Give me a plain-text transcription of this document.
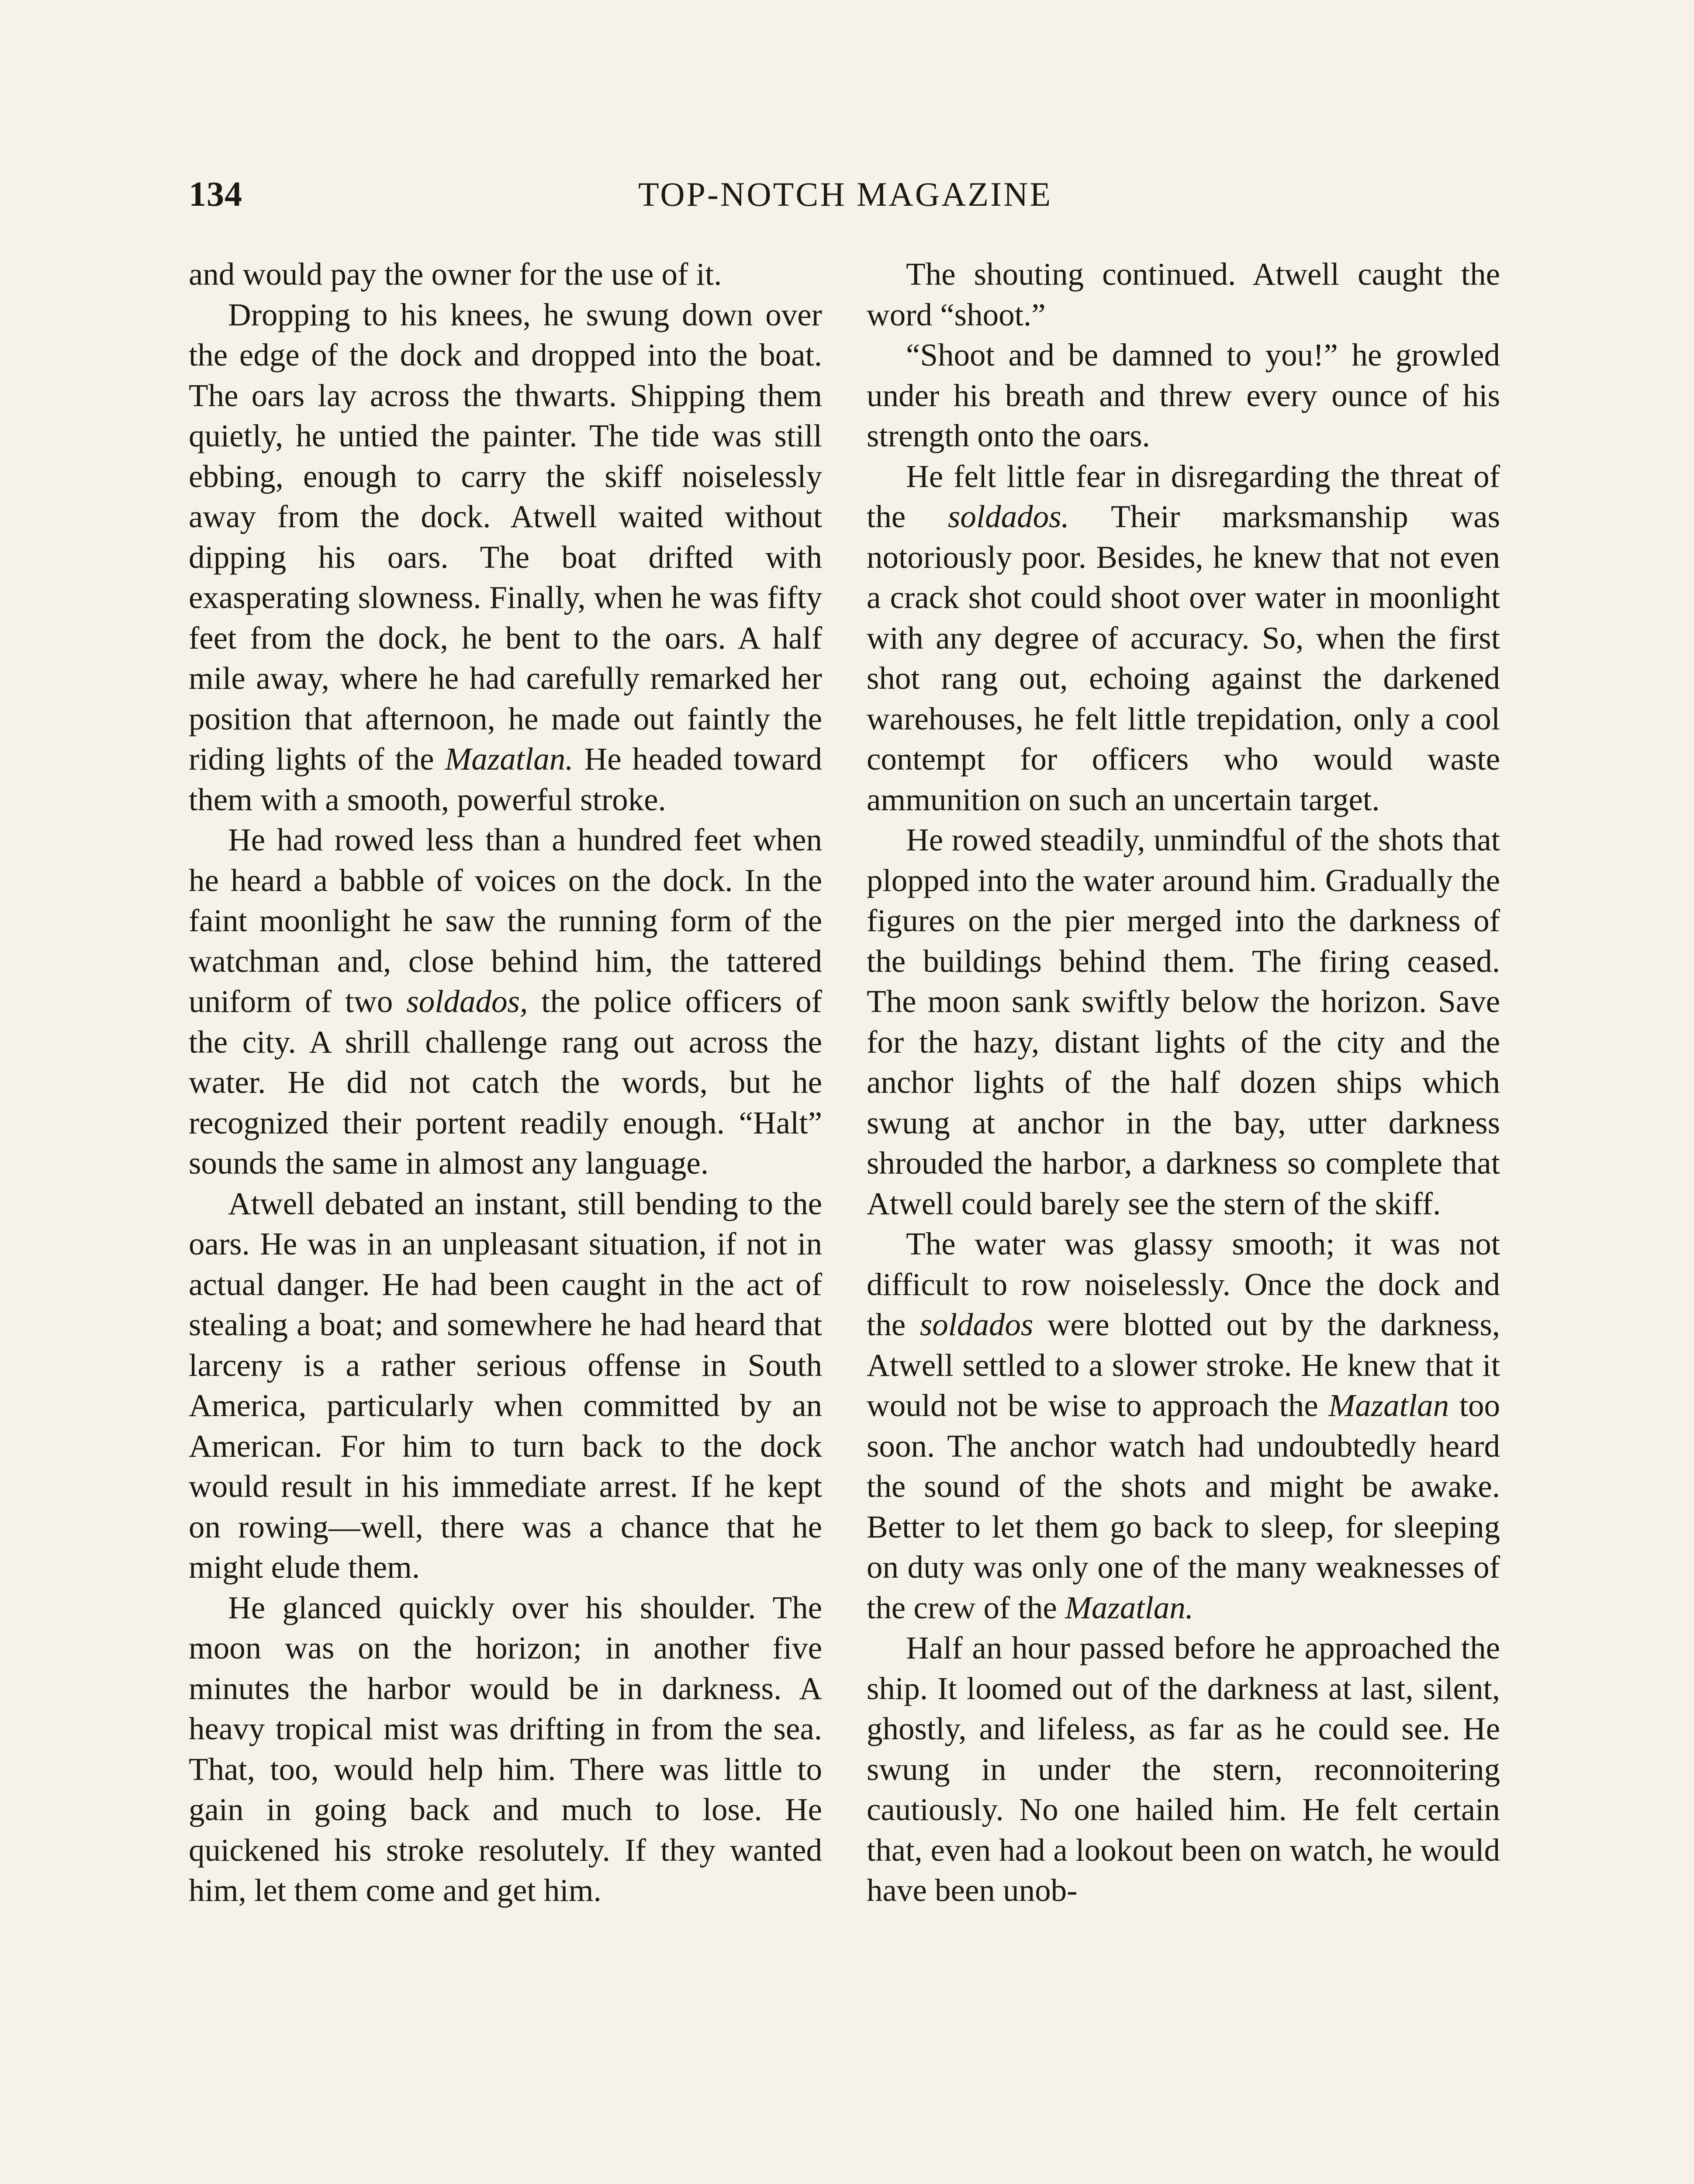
134	TOP-NOTCH MAGAZINE

and would pay the owner for the use of it.

Dropping to his knees, he swung down over the edge of the dock and dropped into the boat. The oars lay across the thwarts. Shipping them quietly, he untied the painter. The tide was still ebbing, enough to carry the skiff noiselessly away from the dock. Atwell waited without dipping his oars. The boat drifted with exasperating slowness. Finally, when he was fifty feet from the dock, he bent to the oars. A half mile away, where he had carefully remarked her position that afternoon, he made out faintly the riding lights of the Mazatlan. He headed toward them with a smooth, powerful stroke.

He had rowed less than a hundred feet when he heard a babble of voices on the dock. In the faint moonlight he saw the running form of the watchman and, close behind him, the tattered uniform of two soldados, the police officers of the city. A shrill challenge rang out across the water. He did not catch the words, but he recognized their portent readily enough. “Halt” sounds the same in almost any language.

Atwell debated an instant, still bending to the oars. He was in an unpleasant situation, if not in actual danger. He had been caught in the act of stealing a boat; and somewhere he had heard that larceny is a rather serious offense in South America, particularly when committed by an American. For him to turn back to the dock would result in his immediate arrest. If he kept on rowing—well, there was a chance that he might elude them.

He glanced quickly over his shoulder. The moon was on the horizon; in another five minutes the harbor would be in darkness. A heavy tropical mist was drifting in from the sea. That, too, would help him. There was little to gain in going back and much to lose. He quickened his stroke resolutely. If they wanted him, let them come and get him.

The shouting continued. Atwell caught the word “shoot.”

“Shoot and be damned to you!” he growled under his breath and threw every ounce of his strength onto the oars.

He felt little fear in disregarding the threat of the soldados. Their marksmanship was notoriously poor. Besides, he knew that not even a crack shot could shoot over water in moonlight with any degree of accuracy. So, when the first shot rang out, echoing against the darkened warehouses, he felt little trepidation, only a cool contempt for officers who would waste ammunition on such an uncertain target.

He rowed steadily, unmindful of the shots that plopped into the water around him. Gradually the figures on the pier merged into the darkness of the buildings behind them. The firing ceased. The moon sank swiftly below the horizon. Save for the hazy, distant lights of the city and the anchor lights of the half dozen ships which swung at anchor in the bay, utter darkness shrouded the harbor, a darkness so complete that Atwell could barely see the stern of the skiff.

The water was glassy smooth; it was not difficult to row noiselessly. Once the dock and the soldados were blotted out by the darkness, Atwell settled to a slower stroke. He knew that it would not be wise to approach the Mazatlan too soon. The anchor watch had undoubtedly heard the sound of the shots and might be awake. Better to let them go back to sleep, for sleeping on duty was only one of the many weaknesses of the crew of the Mazatlan.

Half an hour passed before he approached the ship. It loomed out of the darkness at last, silent, ghostly, and lifeless, as far as he could see. He swung in under the stern, reconnoitering cautiously. No one hailed him. He felt certain that, even had a lookout been on watch, he would have been unob-
